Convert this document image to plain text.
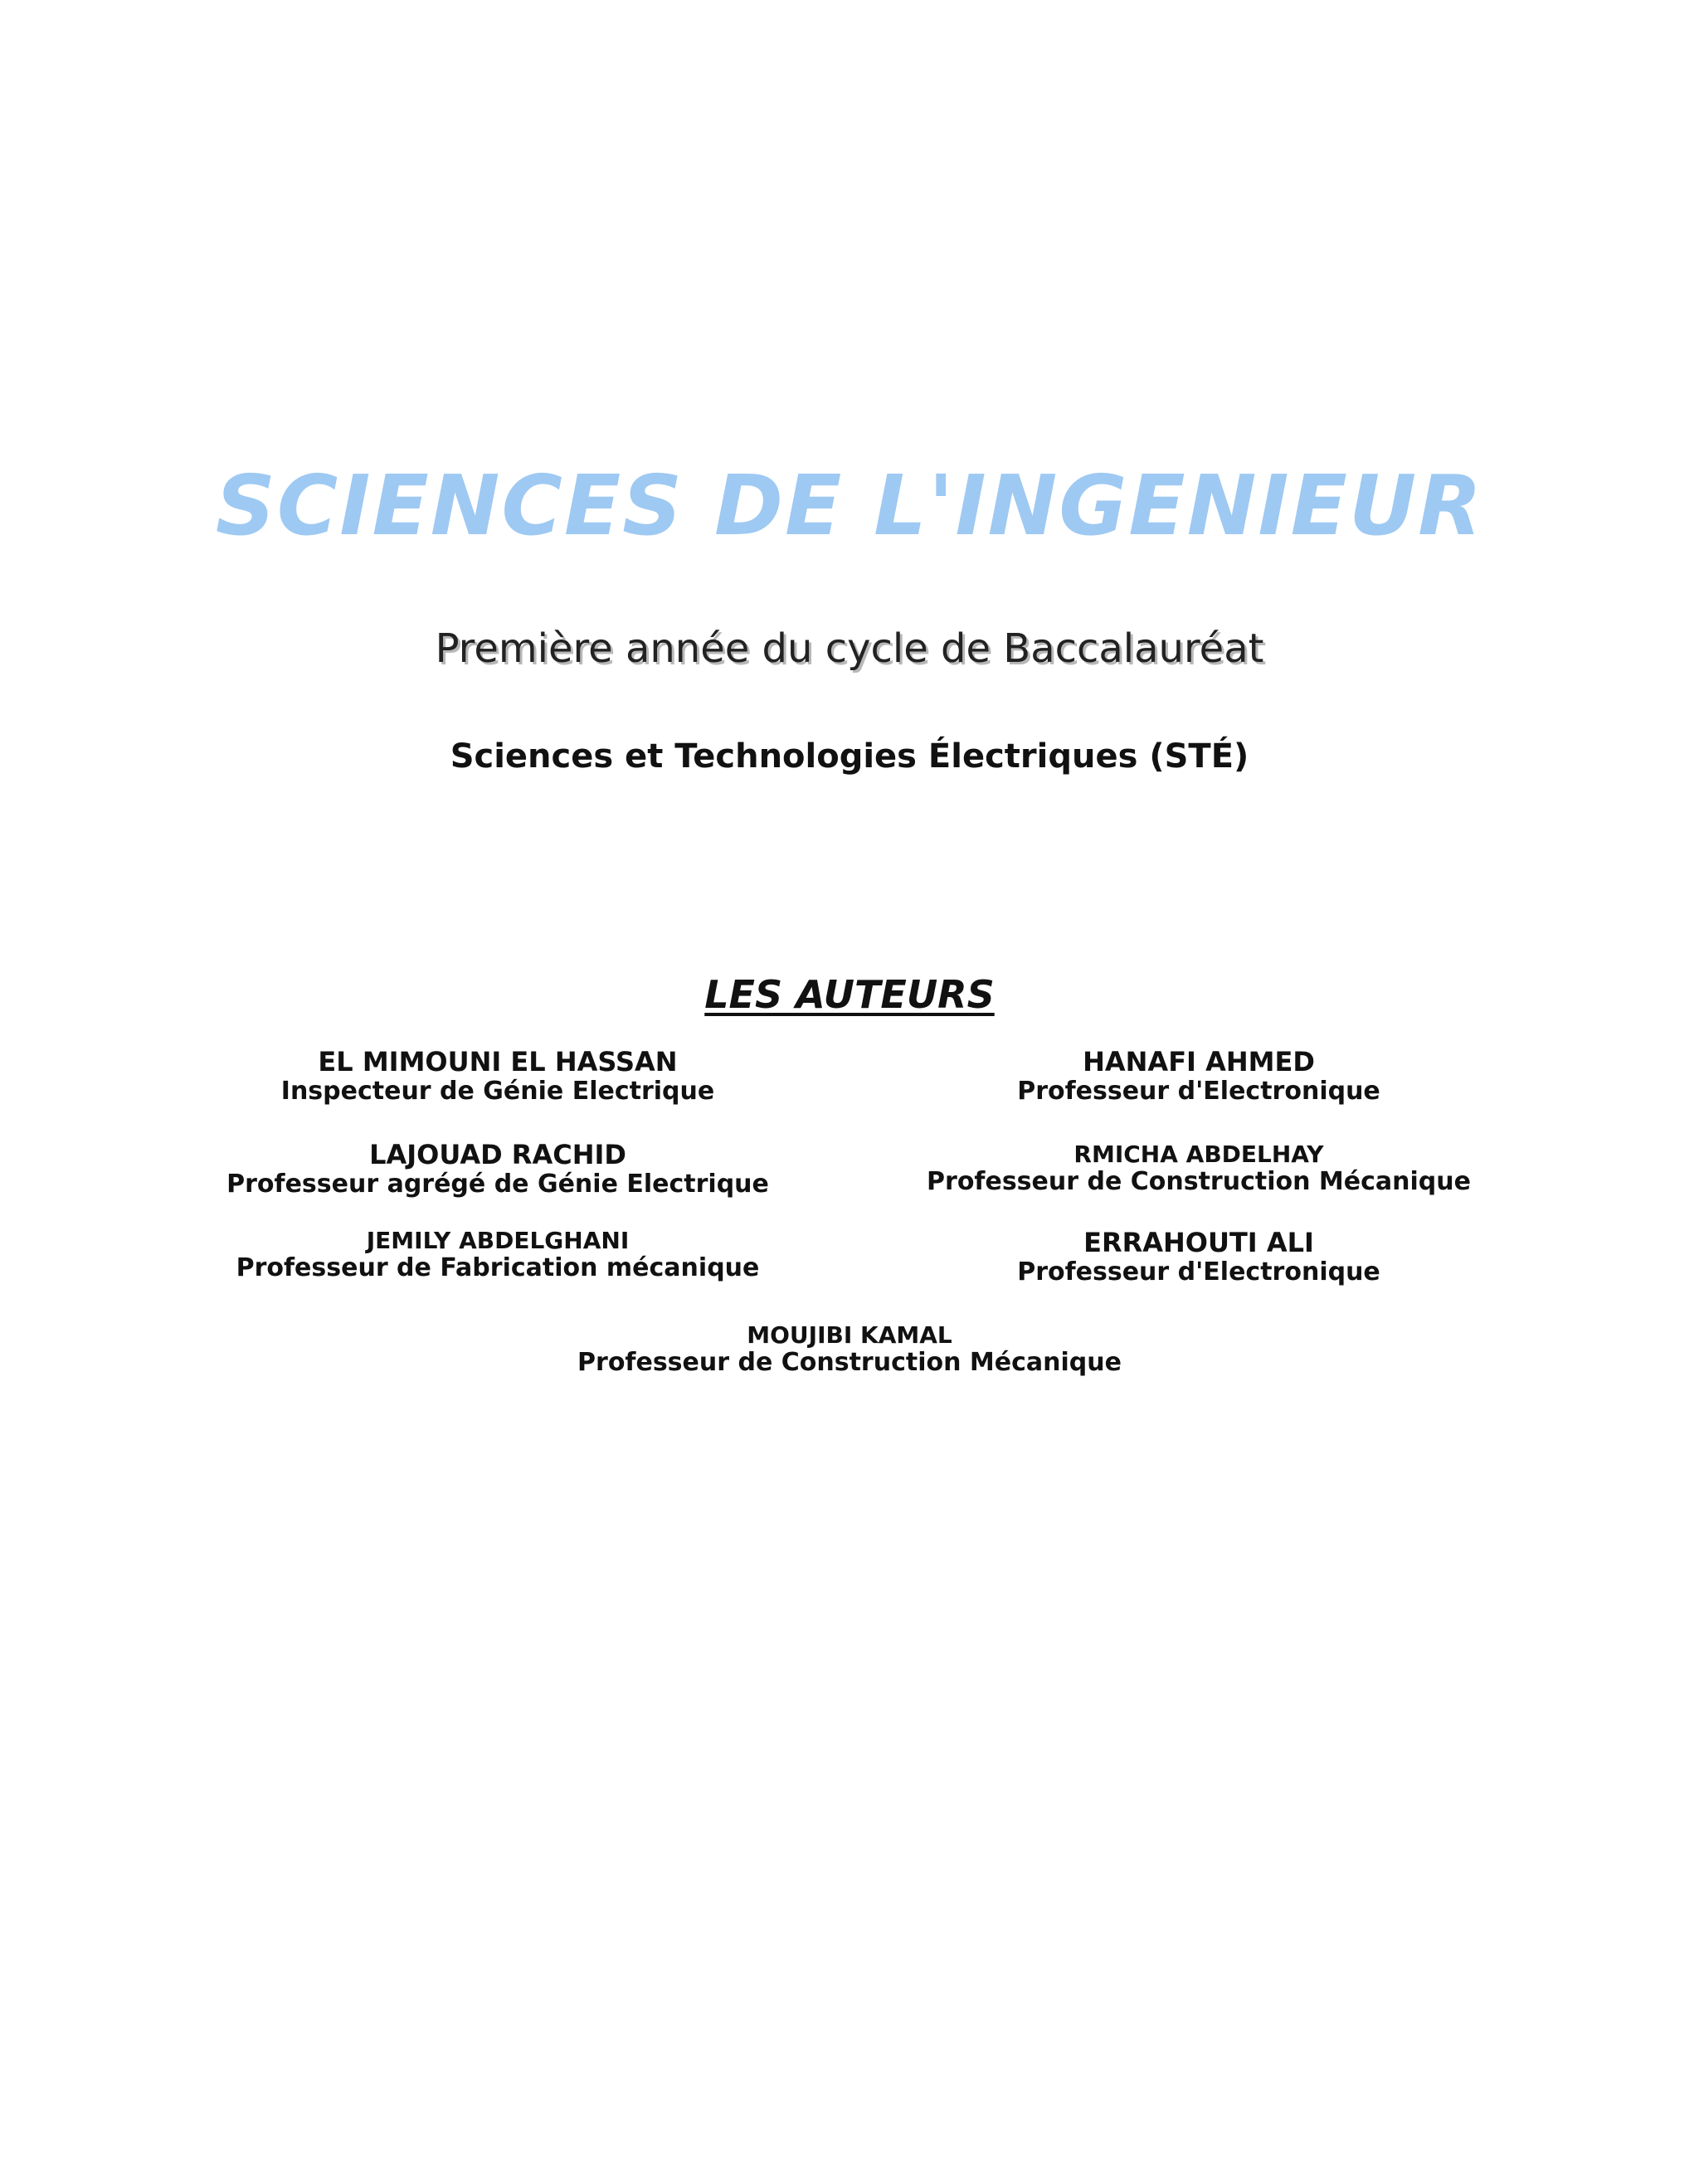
SCIENCES DE L'INGENIEUR
Première année du cycle de Baccalauréat
Sciences et Technologies Électriques (STÉ)
LES AUTEURS
EL MIMOUNI EL HASSAN
Inspecteur de Génie Electrique
HANAFI AHMED
Professeur d'Electronique
LAJOUAD RACHID
Professeur agrégé de Génie Electrique
RMICHA ABDELHAY
Professeur de Construction Mécanique
JEMILY ABDELGHANI
Professeur de Fabrication mécanique
ERRAHOUTI ALI
Professeur d'Electronique
MOUJIBI KAMAL
Professeur de Construction Mécanique
